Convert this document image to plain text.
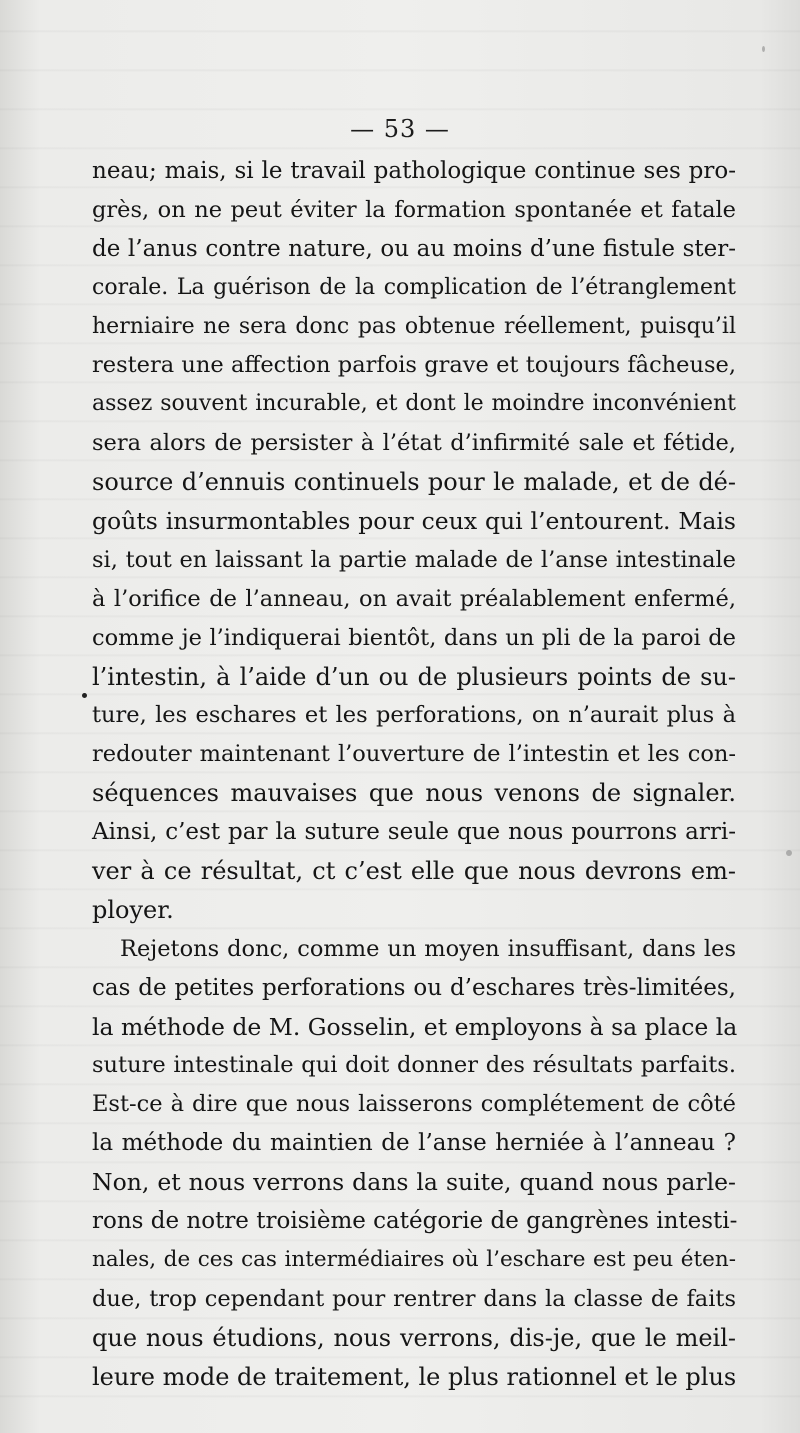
— 53 —
neau; mais, si le travail pathologique continue ses pro-
grès, on ne peut éviter la formation spontanée et fatale
de l’anus contre nature, ou au moins d’une fistule ster-
corale. La guérison de la complication de l’étranglement
herniaire ne sera donc pas obtenue réellement, puisqu’il
restera une affection parfois grave et toujours fâcheuse,
assez souvent incurable, et dont le moindre inconvénient
sera alors de persister à l’état d’infirmité sale et fétide,
source d’ennuis continuels pour le malade, et de dé-
goûts insurmontables pour ceux qui l’entourent. Mais
si, tout en laissant la partie malade de l’anse intestinale
à l’orifice de l’anneau, on avait préalablement enfermé,
comme je l’indiquerai bientôt, dans un pli de la paroi de
l’intestin, à l’aide d’un ou de plusieurs points de su-
ture, les eschares et les perforations, on n’aurait plus à
redouter maintenant l’ouverture de l’intestin et les con-
séquences mauvaises que nous venons de signaler.
Ainsi, c’est par la suture seule que nous pourrons arri-
ver à ce résultat, ct c’est elle que nous devrons em-
ployer.
Rejetons donc, comme un moyen insuffisant, dans les
cas de petites perforations ou d’eschares très-limitées,
la méthode de M. Gosselin, et employons à sa place la
suture intestinale qui doit donner des résultats parfaits.
Est-ce à dire que nous laisserons complétement de côté
la méthode du maintien de l’anse herniée à l’anneau ?
Non, et nous verrons dans la suite, quand nous parle-
rons de notre troisième catégorie de gangrènes intesti-
nales, de ces cas intermédiaires où l’eschare est peu éten-
due, trop cependant pour rentrer dans la classe de faits
que nous étudions, nous verrons, dis-je, que le meil-
leure mode de traitement, le plus rationnel et le plus
